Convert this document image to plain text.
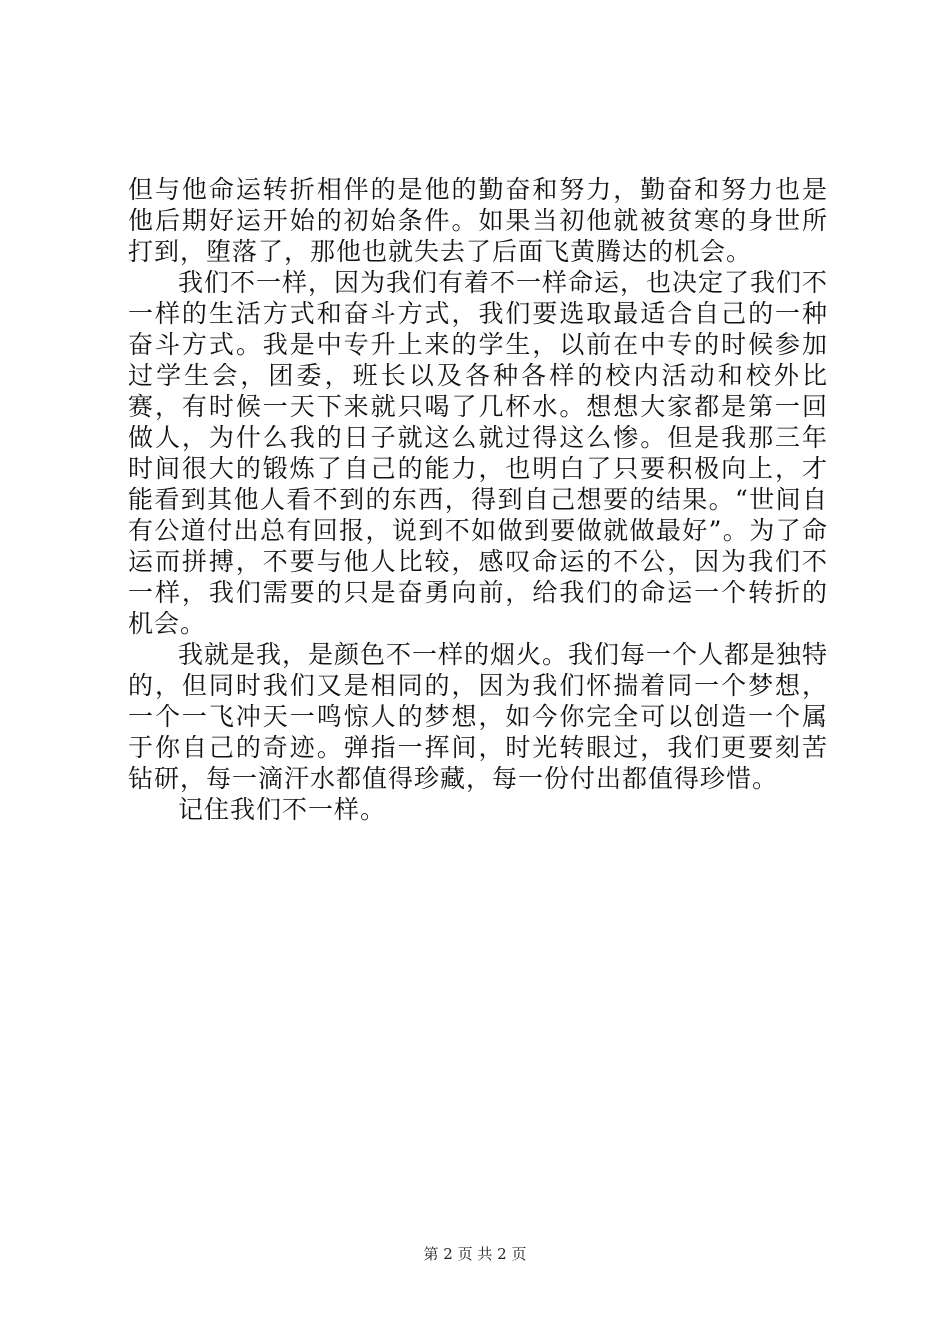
但与他命运转折相伴的是他的勤奋和努力，勤奋和努力也是他后期好运开始的初始条件。如果当初他就被贫寒的身世所打到，堕落了，那他也就失去了后面飞黄腾达的机会。

我们不一样，因为我们有着不一样命运，也决定了我们不一样的生活方式和奋斗方式，我们要选取最适合自己的一种奋斗方式。我是中专升上来的学生，以前在中专的时候参加过学生会，团委，班长以及各种各样的校内活动和校外比赛，有时候一天下来就只喝了几杯水。想想大家都是第一回做人，为什么我的日子就这么就过得这么惨。但是我那三年时间很大的锻炼了自己的能力，也明白了只要积极向上，才能看到其他人看不到的东西，得到自己想要的结果。“世间自有公道付出总有回报，说到不如做到要做就做最好”。为了命运而拼搏，不要与他人比较，感叹命运的不公，因为我们不一样，我们需要的只是奋勇向前，给我们的命运一个转折的机会。

我就是我，是颜色不一样的烟火。我们每一个人都是独特的，但同时我们又是相同的，因为我们怀揣着同一个梦想，一个一飞冲天一鸣惊人的梦想，如今你完全可以创造一个属于你自己的奇迹。弹指一挥间，时光转眼过，我们更要刻苦钻研，每一滴汗水都值得珍藏，每一份付出都值得珍惜。

记住我们不一样。

第 2 页 共 2 页
